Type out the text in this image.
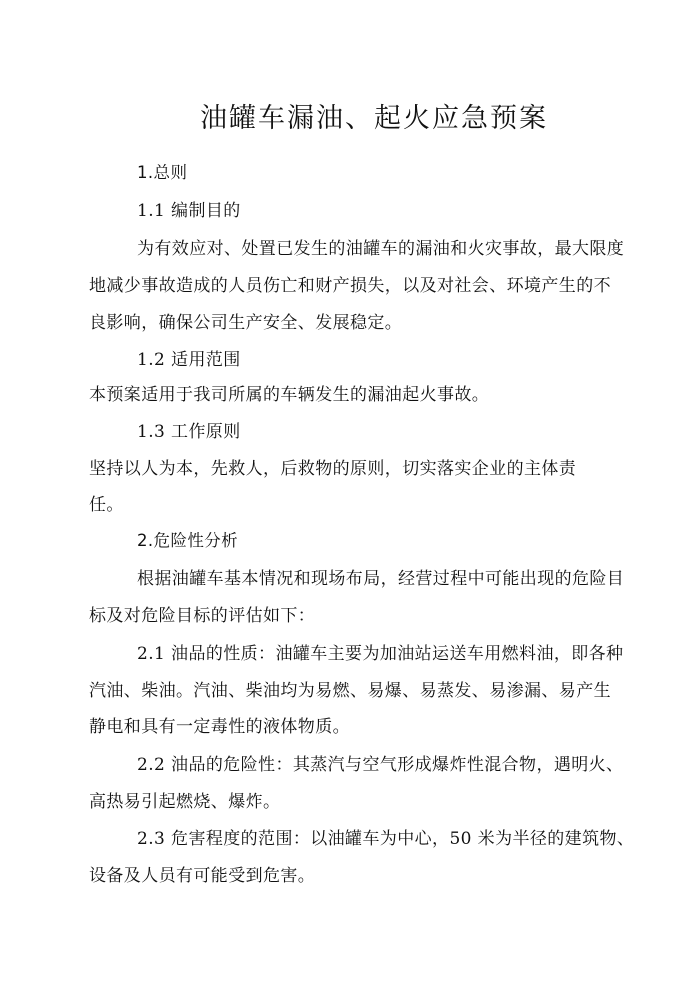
油罐车漏油、起火应急预案
1.总则
1.1 编制目的
为有效应对、处置已发生的油罐车的漏油和火灾事故，最大限度
地减少事故造成的人员伤亡和财产损失，以及对社会、环境产生的不
良影响，确保公司生产安全、发展稳定。
1.2 适用范围
本预案适用于我司所属的车辆发生的漏油起火事故。
1.3 工作原则
坚持以人为本，先救人，后救物的原则，切实落实企业的主体责
任。
2.危险性分析
根据油罐车基本情况和现场布局，经营过程中可能出现的危险目
标及对危险目标的评估如下：
2.1 油品的性质：油罐车主要为加油站运送车用燃料油，即各种
汽油、柴油。汽油、柴油均为易燃、易爆、易蒸发、易渗漏、易产生
静电和具有一定毒性的液体物质。
2.2 油品的危险性：其蒸汽与空气形成爆炸性混合物，遇明火、
高热易引起燃烧、爆炸。
2.3 危害程度的范围：以油罐车为中心，50 米为半径的建筑物、
设备及人员有可能受到危害。
